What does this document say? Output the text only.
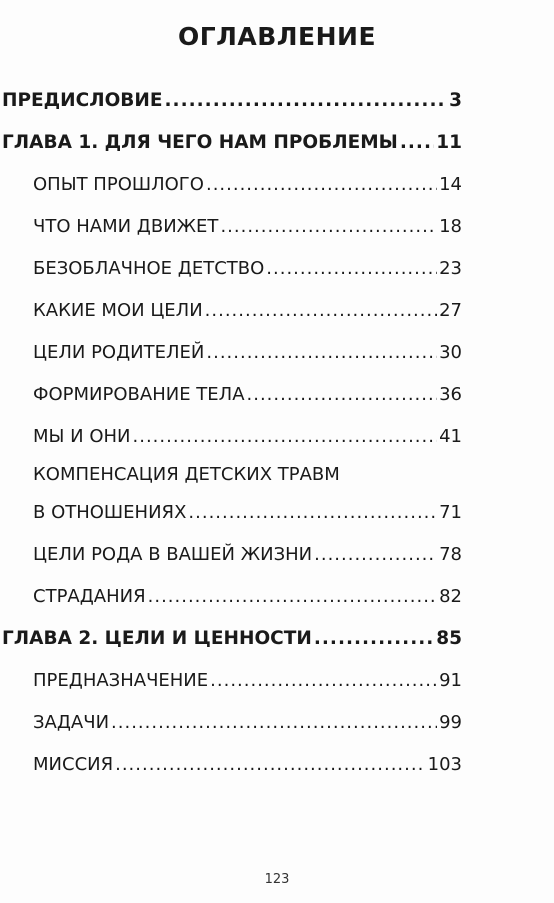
ОГЛАВЛЕНИЕ
ПРЕДИСЛОВИЕ .....	3
ГЛАВА 1. ДЛЯ ЧЕГО НАМ ПРОБЛЕМЫ ..... 11
ОПЫТ ПРОШЛОГО .....	14
ЧТО НАМИ ДВИЖЕТ .....	18
БЕЗОБЛАЧНОЕ ДЕТСТВО .....	23
КАКИЕ МОИ ЦЕЛИ .....	27
ЦЕЛИ РОДИТЕЛЕЙ .....	30
ФОРМИРОВАНИЕ ТЕЛА .....	36
МЫ И ОНИ .....	41
КОМПЕНСАЦИЯ ДЕТСКИХ ТРАВМ
В ОТНОШЕНИЯХ .....	71
ЦЕЛИ РОДА В ВАШЕЙ ЖИЗНИ .....	78
СТРАДАНИЯ .....	82
ГЛАВА 2. ЦЕЛИ И ЦЕННОСТИ .....	85
ПРЕДНАЗНАЧЕНИЕ .....	91
ЗАДАЧИ .....	99
МИССИЯ .....	103
123
